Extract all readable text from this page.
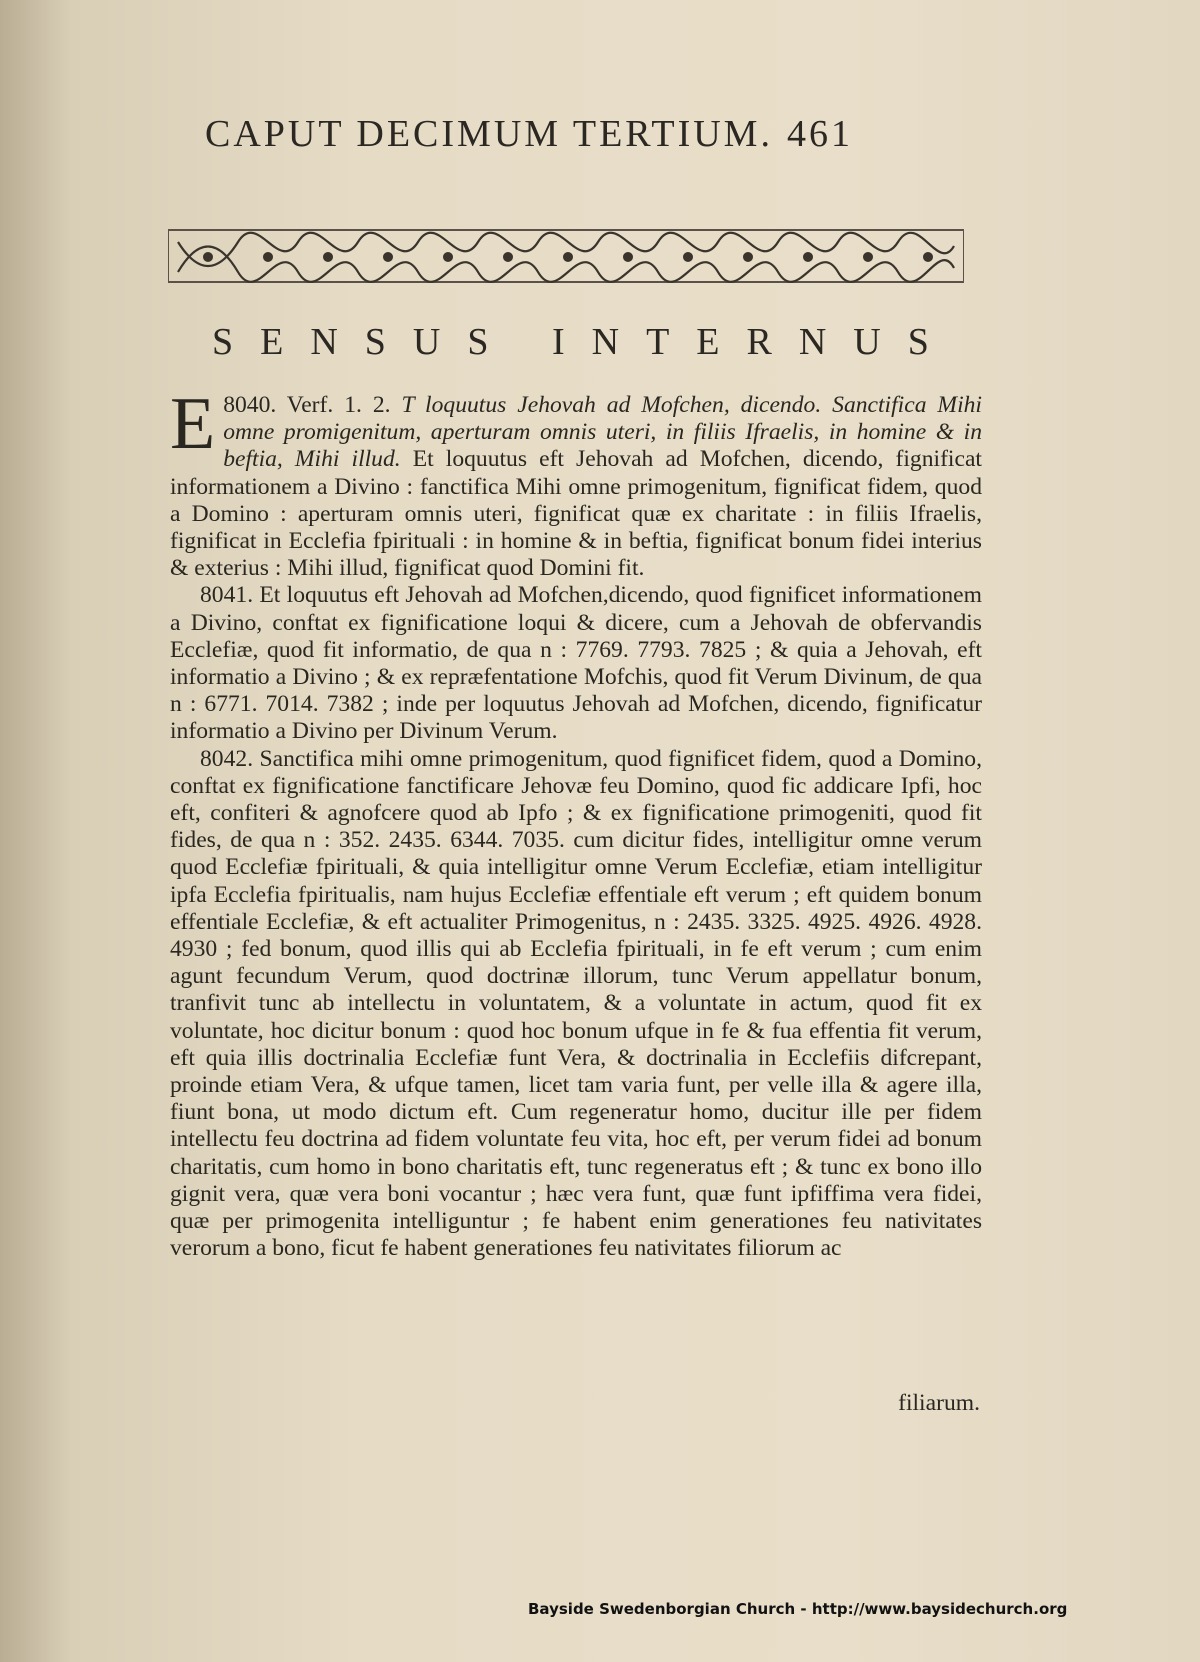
CAPUT DECIMUM TERTIUM. 461
SENSUS INTERNUS

8040. Verf. 1. 2.
E	T loquutus Jehovah ad Mofchen, dicendo. Sanctifica Mihi omne promigenitum, aperturam omnis uteri, in filiis Ifraelis, in homine & in beftia, Mihi illud. Et loquutus eft Jehovah ad Mofchen, dicendo, fignificat informationem a Divino : fanctifica Mihi omne primogenitum, fignificat fidem, quod a Domino : aperturam omnis uteri, fignificat quæ ex charitate : in filiis Ifraelis, fignificat in Ecclefia fpirituali : in homine & in beftia, fignificat bonum fidei interius & exterius : Mihi illud, fignificat quod Domini fit.

8041. Et loquutus eft Jehovah ad Mofchen,dicendo, quod fignificet informationem a Divino, conftat ex fignificatione loqui & dicere, cum a Jehovah de obfervandis Ecclefiæ, quod fit informatio, de qua n : 7769. 7793. 7825 ; & quia a Jehovah, eft informatio a Divino ; & ex repræfentatione Mofchis, quod fit Verum Divinum, de qua n : 6771. 7014. 7382 ; inde per loquutus Jehovah ad Mofchen, dicendo, fignificatur informatio a Divino per Divinum Verum.

8042. Sanctifica mihi omne primogenitum, quod fignificet fidem, quod a Domino, conftat ex fignificatione fanctificare Jehovæ feu Domino, quod fic addicare Ipfi, hoc eft, confiteri & agnofcere quod ab Ipfo ; & ex fignificatione primogeniti, quod fit fides, de qua n : 352. 2435. 6344. 7035. cum dicitur fides, intelligitur omne verum quod Ecclefiæ fpirituali, & quia intelligitur omne Verum Ecclefiæ, etiam intelligitur ipfa Ecclefia fpiritualis, nam hujus Ecclefiæ effentiale eft verum ; eft quidem bonum effentiale Ecclefiæ, & eft actualiter Primogenitus, n : 2435. 3325. 4925. 4926. 4928. 4930 ; fed bonum, quod illis qui ab Ecclefia fpirituali, in fe eft verum ; cum enim agunt fecundum Verum, quod doctrinæ illorum, tunc Verum appellatur bonum, tranfivit tunc ab intellectu in voluntatem, & a voluntate in actum, quod fit ex voluntate, hoc dicitur bonum : quod hoc bonum ufque in fe & fua effentia fit verum, eft quia illis doctrinalia Ecclefiæ funt Vera, & doctrinalia in Ecclefiis difcrepant, proinde etiam Vera, & ufque tamen, licet tam varia funt, per velle illa & agere illa, fiunt bona, ut modo dictum eft. Cum regeneratur homo, ducitur ille per fidem intellectu feu doctrina ad fidem voluntate feu vita, hoc eft, per verum fidei ad bonum charitatis, cum homo in bono charitatis eft, tunc regeneratus eft ; & tunc ex bono illo gignit vera, quæ vera boni vocantur ; hæc vera funt, quæ funt ipfiffima vera fidei, quæ per primogenita intelliguntur ; fe habent enim generationes feu nativitates verorum a bono, ficut fe habent generationes feu nativitates filiorum ac

filiarum.
Bayside Swedenborgian Church - http://www.baysidechurch.org
